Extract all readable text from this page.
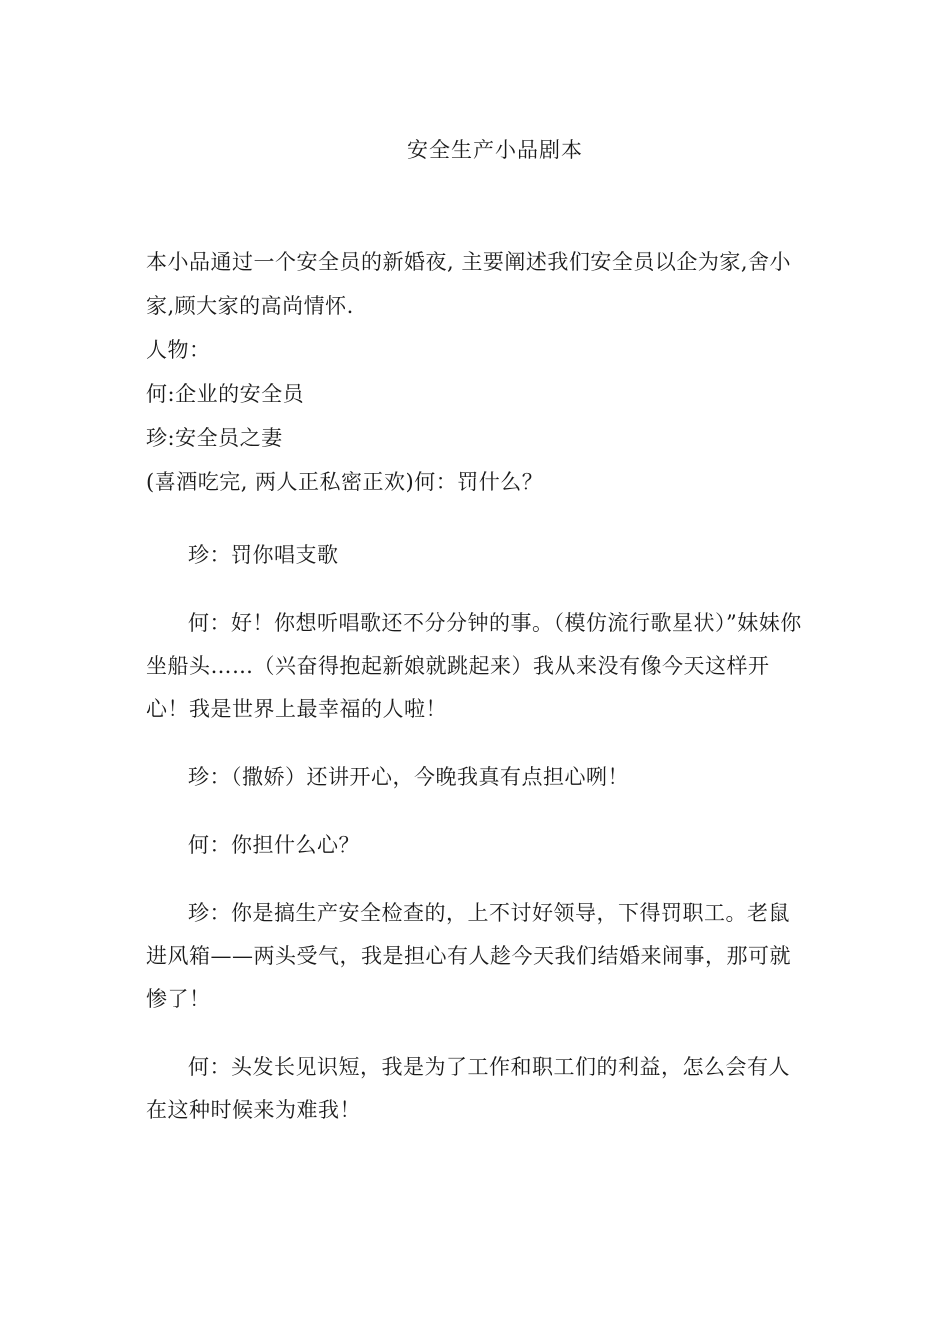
安全生产小品剧本

本小品通过一个安全员的新婚夜, 主要阐述我们安全员以企为家,舍小家,顾大家的高尚情怀.

人物：

何:企业的安全员

珍:安全员之妻

(喜酒吃完, 两人正私密正欢)何：罚什么？

珍：罚你唱支歌

何：好！你想听唱歌还不分分钟的事。（模仿流行歌星状）”妹妹你坐船头……（兴奋得抱起新娘就跳起来）我从来没有像今天这样开心！我是世界上最幸福的人啦！

珍：（撒娇）还讲开心，今晚我真有点担心咧！

何：你担什么心？

珍：你是搞生产安全检查的，上不讨好领导，下得罚职工。老鼠进风箱——两头受气，我是担心有人趁今天我们结婚来闹事，那可就惨了！

何：头发长见识短，我是为了工作和职工们的利益，怎么会有人在这种时候来为难我！
